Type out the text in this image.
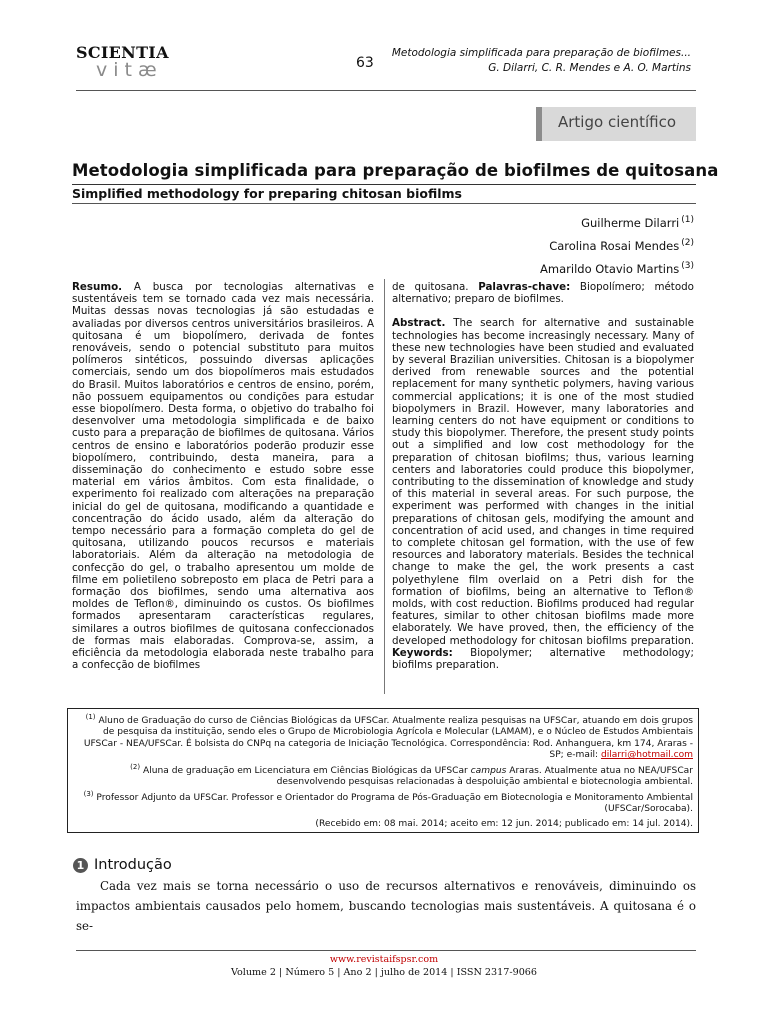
SCIENTIA
vitæ	63
Metodologia simplificada para preparação de biofilmes...
G. Dilarri, C. R. Mendes e A. O. Martins
Artigo científico
Metodologia simplificada para preparação de biofilmes de quitosana
Simplified methodology for preparing chitosan biofilms
Guilherme Dilarri $^{(1)}$
Carolina Rosai Mendes $^{(2)}$
Amarildo Otavio Martins $^{(3)}$
Resumo. A busca por tecnologias alternativas e sustentáveis tem se tornado cada vez mais necessária. Muitas dessas novas tecnologias já são estudadas e avaliadas por diversos centros universitários brasileiros. A quitosana é um biopolímero, derivada de fontes renováveis, sendo o potencial substituto para muitos polímeros sintéticos, possuindo diversas aplicações comerciais, sendo um dos biopolímeros mais estudados do Brasil. Muitos laboratórios e centros de ensino, porém, não possuem equipamentos ou condições para estudar esse biopolímero. Desta forma, o objetivo do trabalho foi desenvolver uma metodologia simplificada e de baixo custo para a preparação de biofilmes de quitosana. Vários centros de ensino e laboratórios poderão produzir esse biopolímero, contribuindo, desta maneira, para a disseminação do conhecimento e estudo sobre esse material em vários âmbitos. Com esta finalidade, o experimento foi realizado com alterações na preparação inicial do gel de quitosana, modificando a quantidade e concentração do ácido usado, além da alteração do tempo necessário para a formação completa do gel de quitosana, utilizando poucos recursos e materiais laboratoriais. Além da alteração na metodologia de confecção do gel, o trabalho apresentou um molde de filme em polietileno sobreposto em placa de Petri para a formação dos biofilmes, sendo uma alternativa aos moldes de Teflon®, diminuindo os custos. Os biofilmes formados apresentaram características regulares, similares a outros biofilmes de quitosana confeccionados de formas mais elaboradas. Comprova-se, assim, a eficiência da metodologia elaborada neste trabalho para a confecção de biofilmes
de quitosana. Palavras-chave: Biopolímero; método alternativo; preparo de biofilmes.
Abstract. The search for alternative and sustainable technologies has become increasingly necessary. Many of these new technologies have been studied and evaluated by several Brazilian universities. Chitosan is a biopolymer derived from renewable sources and the potential replacement for many synthetic polymers, having various commercial applications; it is one of the most studied biopolymers in Brazil. However, many laboratories and learning centers do not have equipment or conditions to study this biopolymer. Therefore, the present study points out a simplified and low cost methodology for the preparation of chitosan biofilms; thus, various learning centers and laboratories could produce this biopolymer, contributing to the dissemination of knowledge and study of this material in several areas. For such purpose, the experiment was performed with changes in the initial preparations of chitosan gels, modifying the amount and concentration of acid used, and changes in time required to complete chitosan gel formation, with the use of few resources and laboratory materials. Besides the technical change to make the gel, the work presents a cast polyethylene film overlaid on a Petri dish for the formation of biofilms, being an alternative to Teflon® molds, with cost reduction. Biofilms produced had regular features, similar to other chitosan biofilms made more elaborately. We have proved, then, the efficiency of the developed methodology for chitosan biofilms preparation. Keywords: Biopolymer; alternative methodology; biofilms preparation.
$^{(1)}$ Aluno de Graduação do curso de Ciências Biológicas da UFSCar. Atualmente realiza pesquisas na UFSCar, atuando em dois grupos de pesquisa da instituição, sendo eles o Grupo de Microbiologia Agrícola e Molecular (LAMAM), e o Núcleo de Estudos Ambientais UFSCar - NEA/UFSCar. É bolsista do CNPq na categoria de Iniciação Tecnológica. Correspondência: Rod. Anhanguera, km 174, Araras - SP; e-mail: dilarri@hotmail.com
$^{(2)}$ Aluna de graduação em Licenciatura em Ciências Biológicas da UFSCar campus Araras. Atualmente atua no NEA/UFSCar desenvolvendo pesquisas relacionadas à despoluição ambiental e biotecnologia ambiental.
$^{(3)}$ Professor Adjunto da UFSCar. Professor e Orientador do Programa de Pós-Graduação em Biotecnologia e Monitoramento Ambiental (UFSCar/Sorocaba).
(Recebido em: 08 mai. 2014; aceito em: 12 jun. 2014; publicado em: 14 jul. 2014).
1 Introdução
Cada vez mais se torna necessário o uso de recursos alternativos e renováveis, diminuindo os impactos ambientais causados pelo homem, buscando tecnologias mais sustentáveis. A quitosana é o se-
www.revistaifspsr.com
Volume 2 | Número 5 | Ano 2 | julho de 2014 | ISSN 2317-9066
